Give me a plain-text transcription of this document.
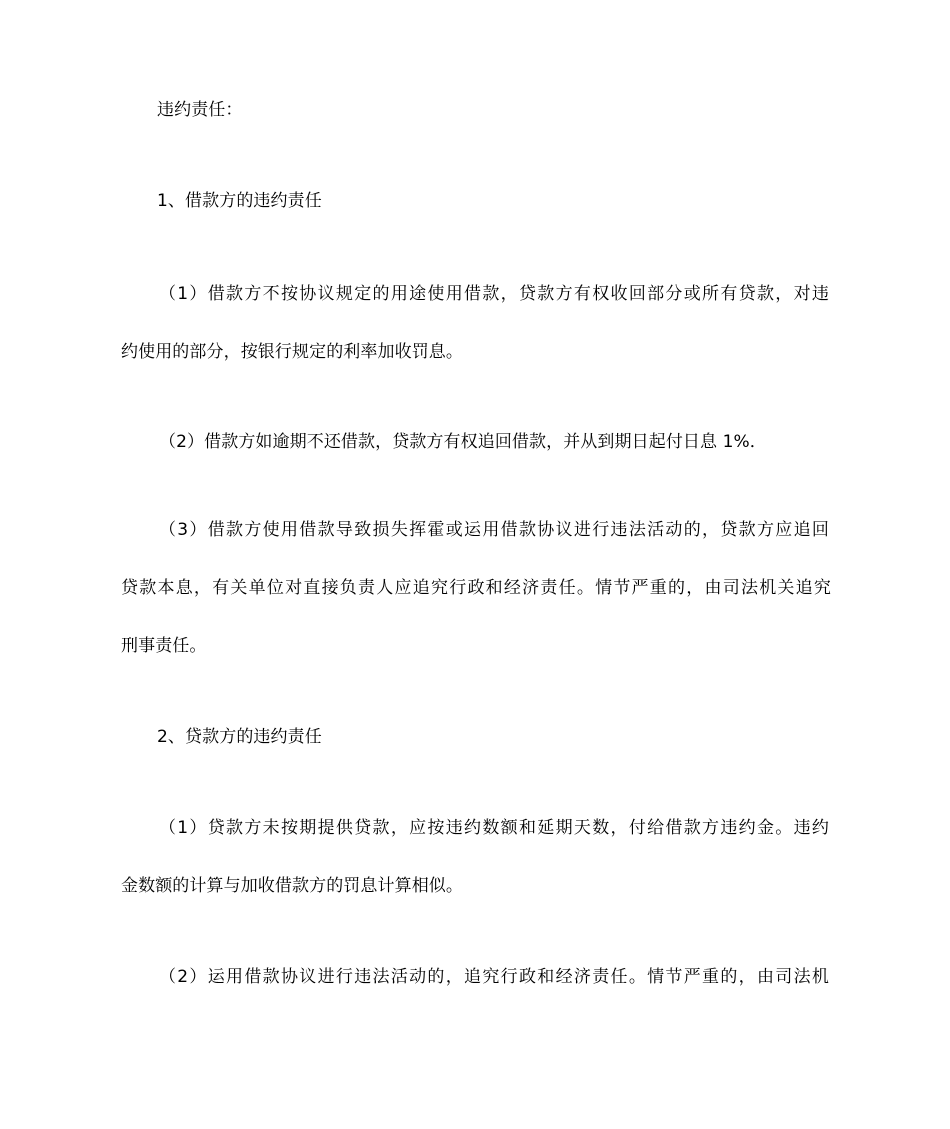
违约责任：
1、借款方的违约责任
（1）借款方不按协议规定的用途使用借款，贷款方有权收回部分或所有贷款，对违
约使用的部分，按银行规定的利率加收罚息。
（2）借款方如逾期不还借款，贷款方有权追回借款，并从到期日起付日息 1%．
（3）借款方使用借款导致损失挥霍或运用借款协议进行违法活动的，贷款方应追回
贷款本息，有关单位对直接负责人应追究行政和经济责任。情节严重的，由司法机关追究
刑事责任。
2、贷款方的违约责任
（1）贷款方未按期提供贷款，应按违约数额和延期天数，付给借款方违约金。违约
金数额的计算与加收借款方的罚息计算相似。
（2）运用借款协议进行违法活动的，追究行政和经济责任。情节严重的，由司法机
